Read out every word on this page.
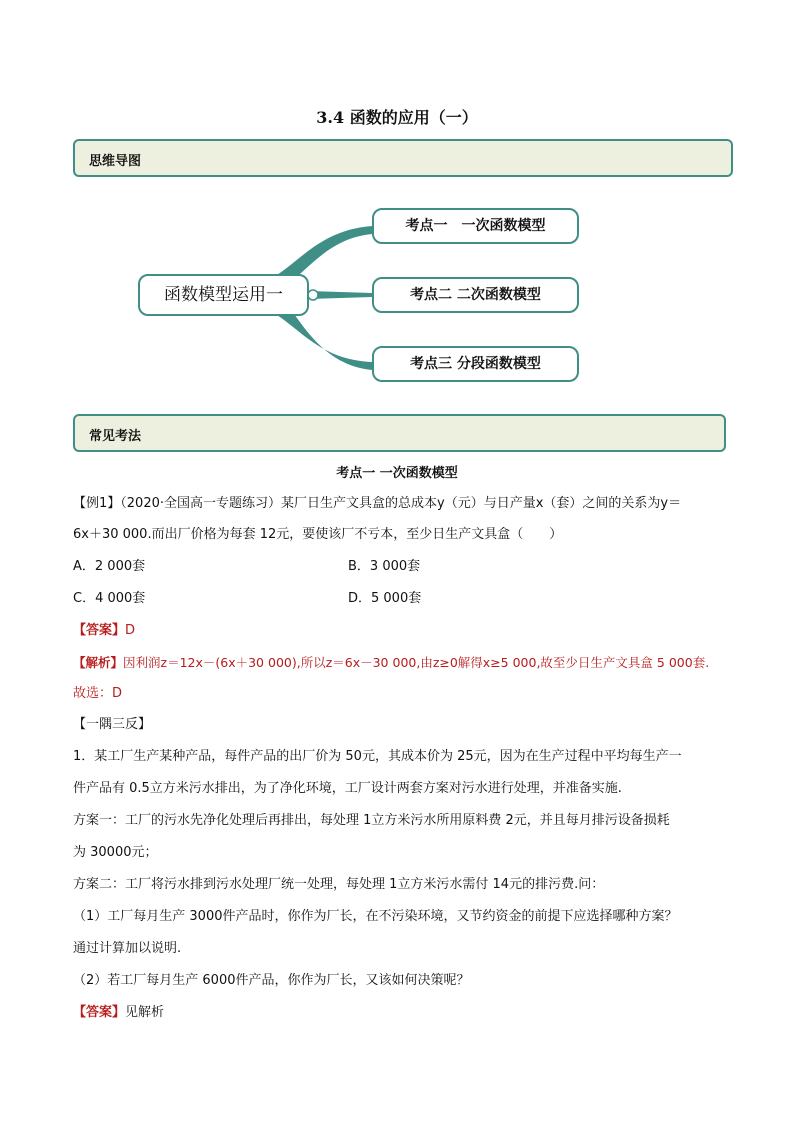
3.4 函数的应用（一）
思维导图
函数模型运用一
考点一　一次函数模型
考点二 二次函数模型
考点三 分段函数模型
常见考法
考点一 一次函数模型
【例1】（2020·全国高一专题练习）某厂日生产文具盒的总成本y（元）与日产量x（套）之间的关系为y＝
6x＋30 000.而出厂价格为每套 12元，要使该厂不亏本，至少日生产文具盒（　　）
A．2 000套	B．3 000套
C．4 000套	D．5 000套
【答案】D
【解析】因利润z＝12x－(6x＋30 000),所以z＝6x－30 000,由z≥0解得x≥5 000,故至少日生产文具盒 5 000套.
故选：D
【一隅三反】
1．某工厂生产某种产品，每件产品的出厂价为 50元，其成本价为 25元，因为在生产过程中平均每生产一
件产品有 0.5立方米污水排出，为了净化环境，工厂设计两套方案对污水进行处理，并准备实施.
方案一：工厂的污水先净化处理后再排出，每处理 1立方米污水所用原料费 2元，并且每月排污设备损耗
为 30000元；
方案二：工厂将污水排到污水处理厂统一处理，每处理 1立方米污水需付 14元的排污费.问：
（1）工厂每月生产 3000件产品时，你作为厂长，在不污染环境，又节约资金的前提下应选择哪种方案？
通过计算加以说明.
（2）若工厂每月生产 6000件产品，你作为厂长，又该如何决策呢？
【答案】见解析
